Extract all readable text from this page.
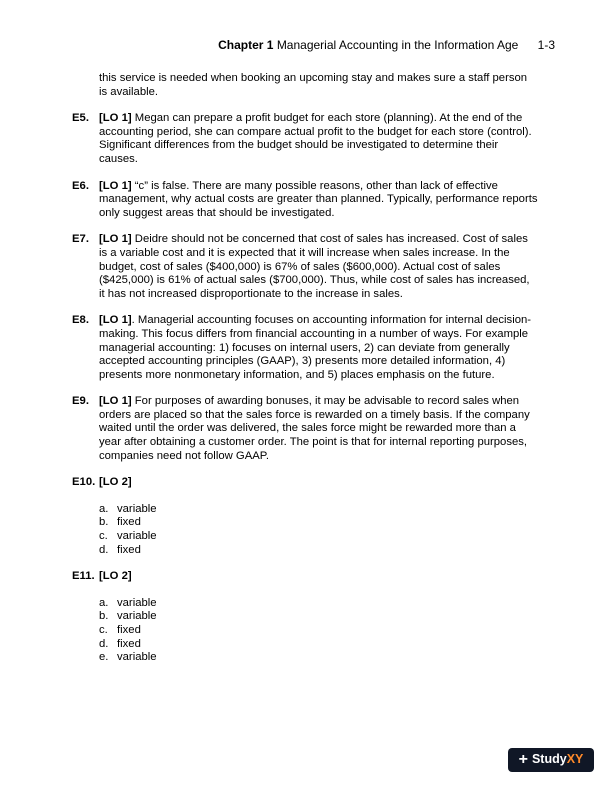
Chapter 1 Managerial Accounting in the Information Age 1-3

this service is needed when booking an upcoming stay and makes sure a staff person is available.

E5. [LO 1] Megan can prepare a profit budget for each store (planning). At the end of the accounting period, she can compare actual profit to the budget for each store (control). Significant differences from the budget should be investigated to determine their causes.
E6. [LO 1] “c” is false. There are many possible reasons, other than lack of effective management, why actual costs are greater than planned. Typically, performance reports only suggest areas that should be investigated.
E7. [LO 1] Deidre should not be concerned that cost of sales has increased. Cost of sales is a variable cost and it is expected that it will increase when sales increase. In the budget, cost of sales ($400,000) is 67% of sales ($600,000). Actual cost of sales ($425,000) is 61% of actual sales ($700,000). Thus, while cost of sales has increased, it has not increased disproportionate to the increase in sales.
E8. [LO 1]. Managerial accounting focuses on accounting information for internal decision-making. This focus differs from financial accounting in a number of ways. For example managerial accounting: 1) focuses on internal users, 2) can deviate from generally accepted accounting principles (GAAP), 3) presents more detailed information, 4) presents more nonmonetary information, and 5) places emphasis on the future.
E9. [LO 1] For purposes of awarding bonuses, it may be advisable to record sales when orders are placed so that the sales force is rewarded on a timely basis. If the company waited until the order was delivered, the sales force might be rewarded more than a year after obtaining a customer order. The point is that for internal reporting purposes, companies need not follow GAAP.
E10. [LO 2]
a. variable
b. fixed
c. variable
d. fixed
E11. [LO 2]
a. variable
b. variable
c. fixed
d. fixed
e. variable
+ Study XY
